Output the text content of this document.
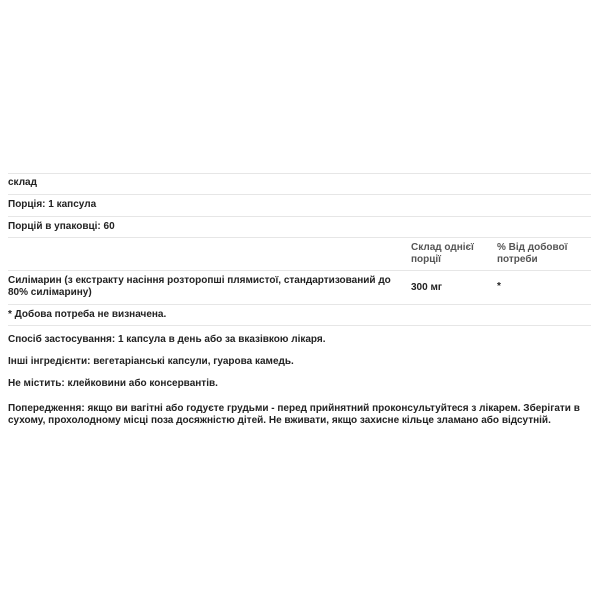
склад
Порція: 1 капсула
Порцій в упаковці: 60
Склад однієї порції
% Від добової потреби
Силімарин (з екстракту насіння розторопші плямистої, стандартизований до 80% силімарину)	300 мг	*
* Добова потреба не визначена.
Спосіб застосування: 1 капсула в день або за вказівкою лікаря.
Інші інгредієнти: вегетаріанські капсули, гуарова камедь.
Не містить: клейковини або консервантів.
Попередження: якщо ви вагітні або годуєте грудьми - перед прийнятний проконсультуйтеся з лікарем. Зберігати в сухому, прохолодному місці поза досяжністю дітей. Не вживати, якщо захисне кільце зламано або відсутній.
